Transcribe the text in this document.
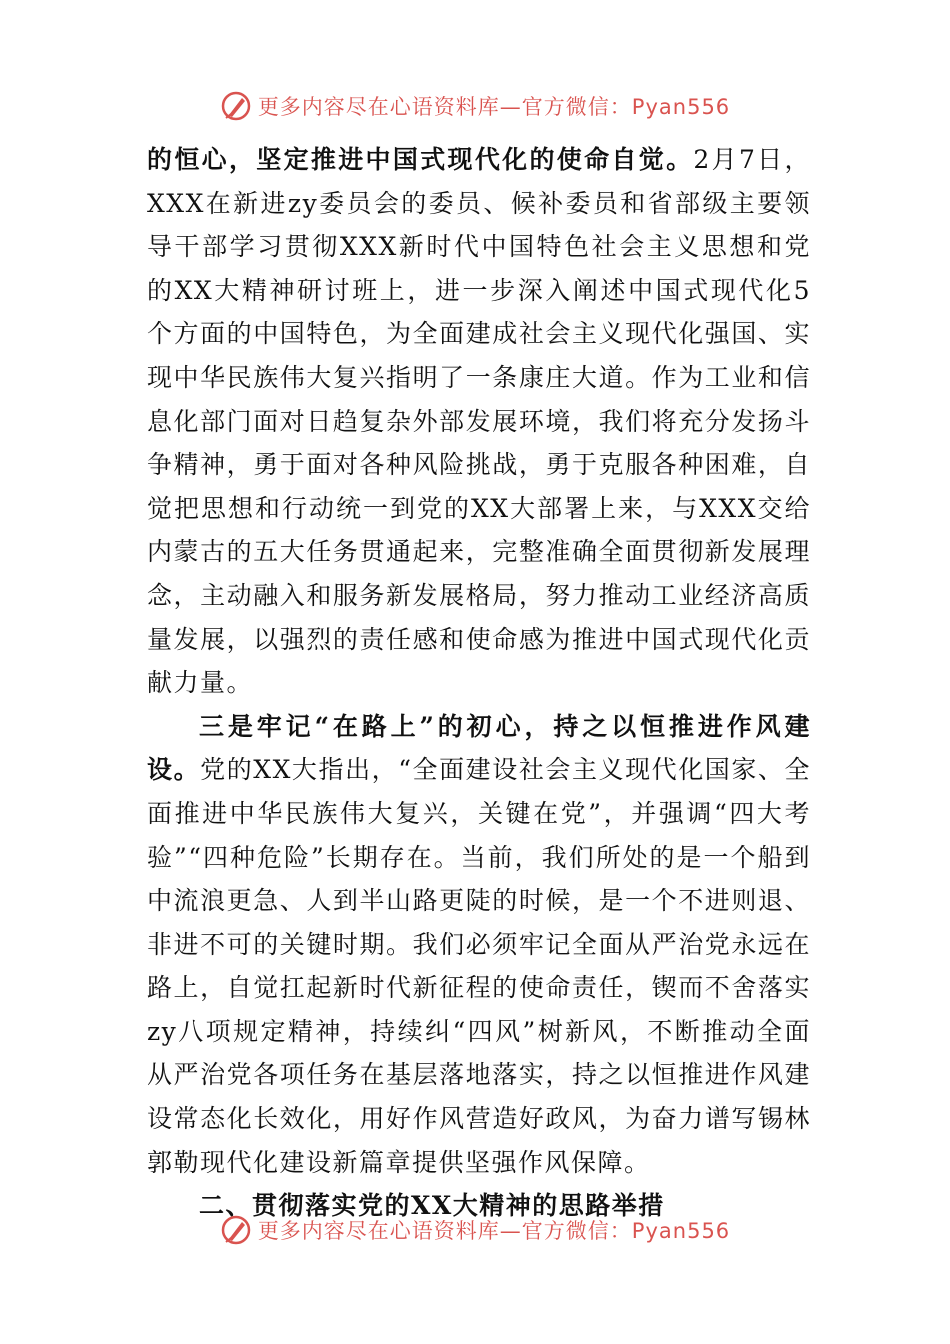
更多内容尽在心语资料库—官方微信：Pyan556

的恒心，坚定推进中国式现代化的使命自觉。2月7日，XXX在新进zy委员会的委员、候补委员和省部级主要领导干部学习贯彻XXX新时代中国特色社会主义思想和党的XX大精神研讨班上，进一步深入阐述中国式现代化5个方面的中国特色，为全面建成社会主义现代化强国、实现中华民族伟大复兴指明了一条康庄大道。作为工业和信息化部门面对日趋复杂外部发展环境，我们将充分发扬斗争精神，勇于面对各种风险挑战，勇于克服各种困难，自觉把思想和行动统一到党的XX大部署上来，与XXX交给内蒙古的五大任务贯通起来，完整准确全面贯彻新发展理念，主动融入和服务新发展格局，努力推动工业经济高质量发展，以强烈的责任感和使命感为推进中国式现代化贡献力量。

三是牢记“在路上”的初心，持之以恒推进作风建设。党的XX大指出，“全面建设社会主义现代化国家、全面推进中华民族伟大复兴，关键在党”，并强调“四大考验”“四种危险”长期存在。当前，我们所处的是一个船到中流浪更急、人到半山路更陡的时候，是一个不进则退、非进不可的关键时期。我们必须牢记全面从严治党永远在路上，自觉扛起新时代新征程的使命责任，锲而不舍落实zy八项规定精神，持续纠“四风”树新风，不断推动全面从严治党各项任务在基层落地落实，持之以恒推进作风建设常态化长效化，用好作风营造好政风，为奋力谱写锡林郭勒现代化建设新篇章提供坚强作风保障。

二、贯彻落实党的XX大精神的思路举措

更多内容尽在心语资料库—官方微信：Pyan556
